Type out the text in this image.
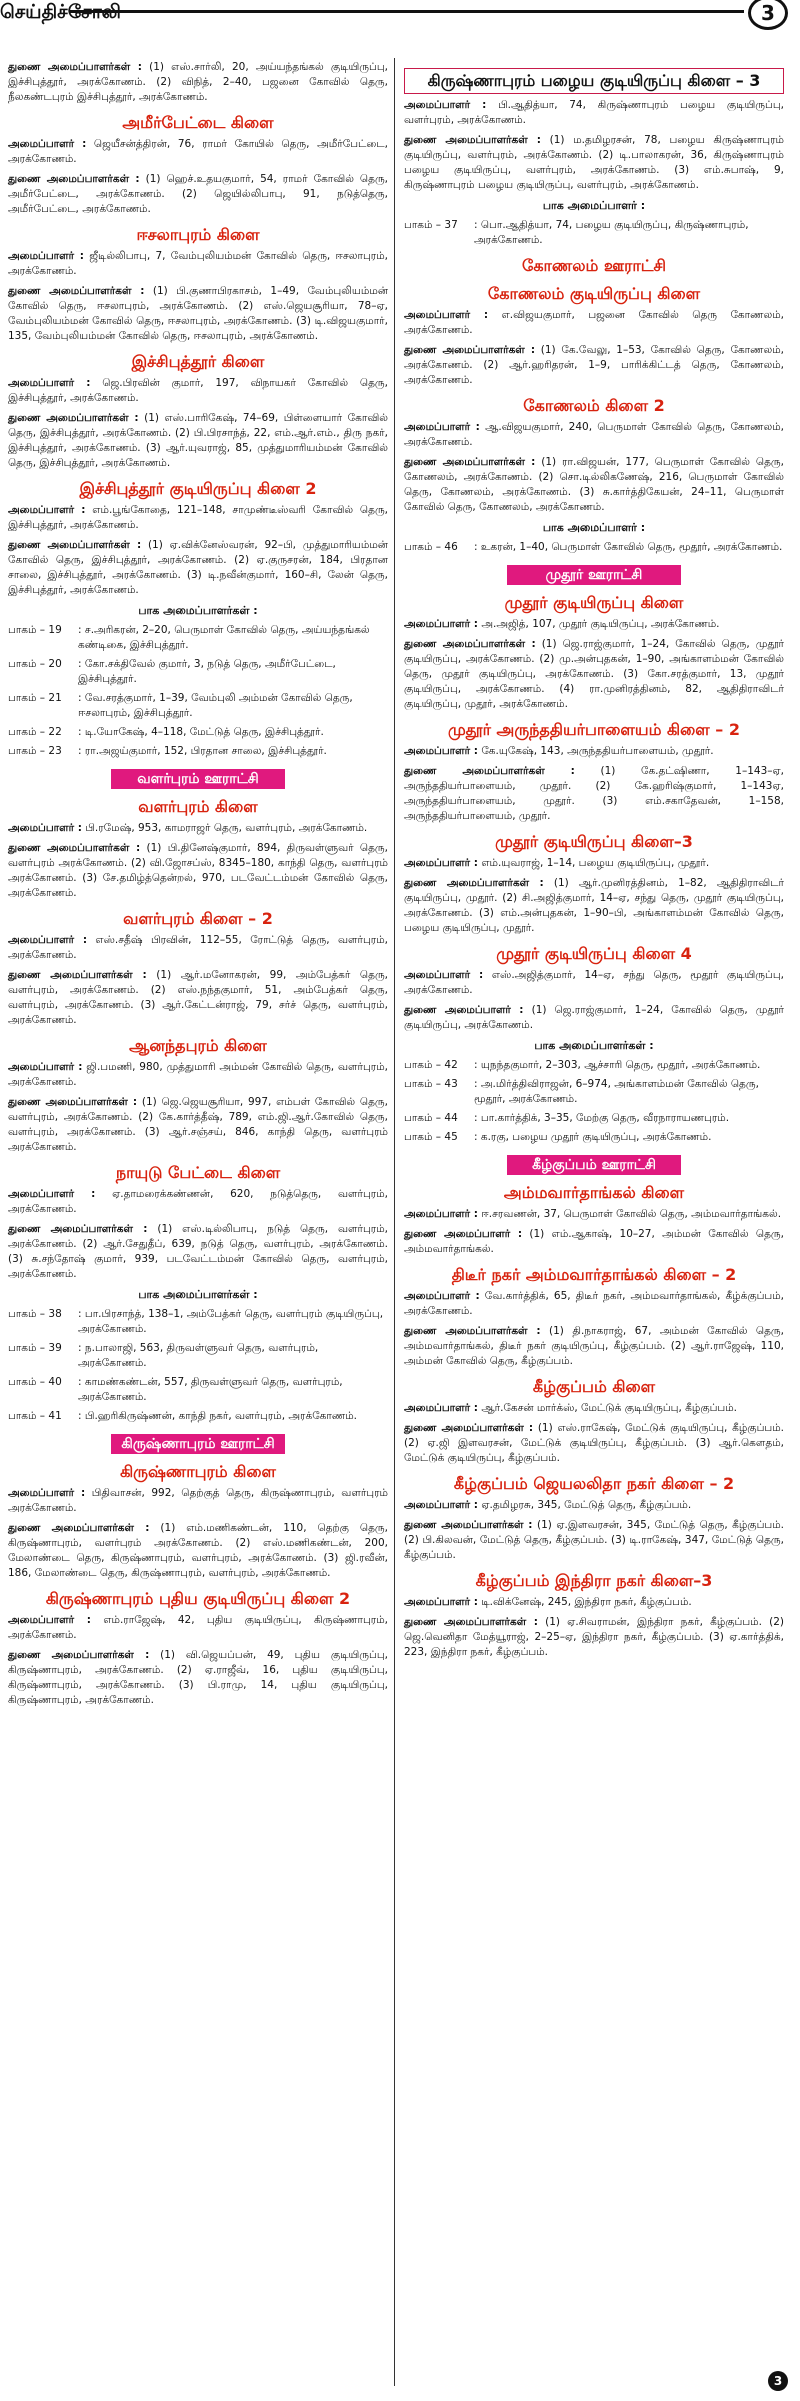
செய்திச்சோலி	3

துணை அமைப்பாளர்கள் : (1) எஸ்.சார்லி, 20, அய்யந்தங்கல் குடியிருப்பு, இச்சிபுத்தூர், அரக்கோணம். (2) விநித், 2–40, பஜனை கோவில் தெரு, நீலகண்டபுரம் இச்சிபுத்தூர், அரக்கோணம்.

அமீர்பேட்டை கிளை

அமைப்பாளர் : ஜெயீசன்த்திரன், 76, ராமர் கோயில் தெரு, அமீர்பேட்டை, அரக்கோணம்.

துணை அமைப்பாளர்கள் : (1) ஹெச்.உதயகுமார், 54, ராமர் கோவில் தெரு, அமீர்பேட்டை, அரக்கோணம். (2) ஜெயில்லிபாபு, 91, நடுத்தெரு, அமீர்பேட்டை, அரக்கோணம்.

ஈசலாபுரம் கிளை

அமைப்பாளர் : ஜீடில்லிபாபு, 7, வேம்புலியம்மன் கோவில் தெரு, ஈசலாபுரம், அரக்கோணம்.

துணை அமைப்பாளர்கள் : (1) பி.குணாபிரகாசம், 1–49, வேம்புலியம்மன் கோவில் தெரு, ஈசலாபுரம், அரக்கோணம். (2) எஸ்.ஜெயசூரியா, 78–ஏ, வேம்புலியம்மன் கோவில் தெரு, ஈசலாபுரம், அரக்கோணம். (3) டி.விஜயகுமார், 135, வேம்புலியம்மன் கோவில் தெரு, ஈசலாபுரம், அரக்கோணம்.

இச்சிபுத்தூர் கிளை

அமைப்பாளர் : ஜெ.பிரவின் குமார், 197, விநாயகர் கோவில் தெரு, இச்சிபுத்தூர், அரக்கோணம்.

துணை அமைப்பாளர்கள் : (1) எஸ்.பாரிகேஷ், 74–69, பிள்ளையார் கோவில் தெரு, இச்சிபுத்தூர், அரக்கோணம். (2) பி.பிரசாந்த், 22, எம்.ஆர்.எம்., திரு நகர், இச்சிபுத்தூர், அரக்கோணம். (3) ஆர்.யுவராஜ், 85, முத்துமாரியம்மன் கோவில் தெரு, இச்சிபுத்தூர், அரக்கோணம்.

இச்சிபுத்தூர் குடியிருப்பு கிளை 2

அமைப்பாளர் : எம்.பூங்கோதை, 121–148, சாமுண்டீஸ்வரி கோவில் தெரு, இச்சிபுத்தூர், அரக்கோணம்.

துணை அமைப்பாளர்கள் : (1) ஏ.விக்னேஸ்வரன், 92–பி, முத்துமாரியம்மன் கோவில் தெரு, இச்சிபுத்தூர், அரக்கோணம். (2) ஏ.குருசரன், 184, பிரதான சாலை, இச்சிபுத்தூர், அரக்கோணம். (3) டி.நவீன்குமார், 160–சி, லேன் தெரு, இச்சிபுத்தூர், அரக்கோணம்.

பாக அமைப்பாளர்கள் :
பாகம் – 19	: ச.அரிகரன், 2–20, பெருமாள் கோவில் தெரு, அய்யந்தங்கல் கண்டிகை, இச்சிபுத்தூர்.
பாகம் – 20	: கோ.சக்திவேல் குமார், 3, நடுத் தெரு, அமீர்பேட்டை, இச்சிபுத்தூர்.
பாகம் – 21	: வே.சரத்குமார், 1–39, வேம்புலி அம்மன் கோவில் தெரு, ஈசலாபுரம், இச்சிபுத்தூர்.
பாகம் – 22	: டி.யோகேஷ், 4–118, மேட்டுத் தெரு, இச்சிபுத்தூர்.
பாகம் – 23	: ரா.அஜய்குமார், 152, பிரதான சாலை, இச்சிபுத்தூர்.
வளர்புரம் ஊராட்சி
வளர்புரம் கிளை

அமைப்பாளர் : பி.ரமேஷ், 953, காமராஜர் தெரு, வளர்புரம், அரக்கோணம்.

துணை அமைப்பாளர்கள் : (1) பி.தினேஷ்குமார், 894, திருவள்ளுவர் தெரு, வளர்புரம் அரக்கோணம். (2) வி.ஜோசப்ஸ், 8345–180, காந்தி தெரு, வளர்புரம் அரக்கோணம். (3) சே.தமிழ்த்தென்றல், 970, படவேட்டம்மன் கோவில் தெரு, அரக்கோணம்.

வளர்புரம் கிளை – 2

அமைப்பாளர் : எஸ்.சதீஷ் பிரவின், 112–55, ரோட்டுத் தெரு, வளர்புரம், அரக்கோணம்.

துணை அமைப்பாளர்கள் : (1) ஆர்.மனோகரன், 99, அம்பேத்கர் தெரு, வளர்புரம், அரக்கோணம். (2) எஸ்.நந்தகுமார், 51, அம்பேத்கர் தெரு, வளர்புரம், அரக்கோணம். (3) ஆர்.கேட்டன்ராஜ், 79, சர்ச் தெரு, வளர்புரம், அரக்கோணம்.

ஆனந்தபுரம் கிளை

அமைப்பாளர் : ஜி.பமணி, 980, முத்துமாரி அம்மன் கோவில் தெரு, வளர்புரம், அரக்கோணம்.

துணை அமைப்பாளர்கள் : (1) ஜெ.ஜெயசூரியா, 997, எம்பள் கோவில் தெரு, வளர்புரம், அரக்கோணம். (2) கே.கார்த்தீஷ், 789, எம்.ஜி.ஆர்.கோவில் தெரு, வளர்புரம், அரக்கோணம். (3) ஆர்.சஞ்சய், 846, காந்தி தெரு, வளர்புரம் அரக்கோணம்.

நாயுடு பேட்டை கிளை

அமைப்பாளர் : ஏ.தாமரைக்கண்ணன், 620, நடுத்தெரு, வளர்புரம், அரக்கோணம்.

துணை அமைப்பாளர்கள் : (1) எஸ்.டில்லிபாபு, நடுத் தெரு, வளர்புரம், அரக்கோணம். (2) ஆர்.சேதுதீப், 639, நடுத் தெரு, வளர்புரம், அரக்கோணம். (3) சு.சந்தோஷ் குமார், 939, படவேட்டம்மன் கோவில் தெரு, வளர்புரம், அரக்கோணம்.

பாக அமைப்பாளர்கள் :
பாகம் – 38	: பா.பிரசாந்த், 138–1, அம்பேத்கர் தெரு, வளர்புரம் குடியிருப்பு, அரக்கோணம்.
பாகம் – 39	: ந.பாலாஜி, 563, திருவள்ளுவர் தெரு, வளர்புரம், அரக்கோணம்.
பாகம் – 40	: காமண்கண்டன், 557, திருவள்ளுவர் தெரு, வளர்புரம், அரக்கோணம்.
பாகம் – 41	: பி.ஹரிகிருஷ்ணன், காந்தி நகர், வளர்புரம், அரக்கோணம்.
கிருஷ்ணாபுரம் ஊராட்சி
கிருஷ்ணாபுரம் கிளை

அமைப்பாளர் : பிதிவாசன், 992, தெற்குத் தெரு, கிருஷ்ணாபுரம், வளர்புரம் அரக்கோணம்.

துணை அமைப்பாளர்கள் : (1) எம்.மணிகண்டன், 110, தெற்கு தெரு, கிருஷ்ணாபுரம், வளர்புரம் அரக்கோணம். (2) எஸ்.மணிகண்டன், 200, மேலாண்டை தெரு, கிருஷ்ணாபுரம், வளர்புரம், அரக்கோணம். (3) ஜி.ரவீன், 186, மேலாண்டை தெரு, கிருஷ்ணாபுரம், வளர்புரம், அரக்கோணம்.

கிருஷ்ணாபுரம் புதிய குடியிருப்பு கிளை 2

அமைப்பாளர் : எம்.ராஜேஷ், 42, புதிய குடியிருப்பு, கிருஷ்ணாபுரம், அரக்கோணம்.

துணை அமைப்பாளர்கள் : (1) வி.ஜெயப்பன், 49, புதிய குடியிருப்பு, கிருஷ்ணாபுரம், அரக்கோணம். (2) ஏ.ராஜீவ், 16, புதிய குடியிருப்பு, கிருஷ்ணாபுரம், அரக்கோணம். (3) பி.ராமு, 14, புதிய குடியிருப்பு, கிருஷ்ணாபுரம், அரக்கோணம்.

கிருஷ்ணாபுரம் பழைய குடியிருப்பு கிளை – 3

அமைப்பாளர் : பி.ஆதித்யா, 74, கிருஷ்ணாபுரம் பழைய குடியிருப்பு, வளர்புரம், அரக்கோணம்.

துணை அமைப்பாளர்கள் : (1) ம.தமிழரசன், 78, பழைய கிருஷ்ணாபுரம் குடியிருப்பு, வளர்புரம், அரக்கோணம். (2) டி.பாலாகரன், 36, கிருஷ்ணாபுரம் பழைய குடியிருப்பு, வளர்புரம், அரக்கோணம். (3) எம்.சுபாஷ், 9, கிருஷ்ணாபுரம் பழைய குடியிருப்பு, வளர்புரம், அரக்கோணம்.

பாக அமைப்பாளர் :
பாகம் – 37	: பொ.ஆதித்யா, 74, பழைய குடியிருப்பு, கிருஷ்ணாபுரம், அரக்கோணம்.
கோணலம் ஊராட்சி
கோணலம் குடியிருப்பு கிளை

அமைப்பாளர் : எ.விஜயகுமார், பஜனை கோவில் தெரு கோணலம், அரக்கோணம்.

துணை அமைப்பாளர்கள் : (1) கே.வேலு, 1–53, கோவில் தெரு, கோணலம், அரக்கோணம். (2) ஆர்.ஹரிதரன், 1–9, பாரிக்கிட்டத் தெரு, கோணலம், அரக்கோணம்.

கோணலம் கிளை 2

அமைப்பாளர் : ஆ.விஜயகுமார், 240, பெருமாள் கோவில் தெரு, கோணலம், அரக்கோணம்.

துணை அமைப்பாளர்கள் : (1) ரா.விஜயன், 177, பெருமாள் கோவில் தெரு, கோணலம், அரக்கோணம். (2) சொ.டில்லிகணேஷ், 216, பெருமாள் கோவில் தெரு, கோணலம், அரக்கோணம். (3) சு.கார்த்திகேயன், 24–11, பெருமாள் கோவில் தெரு, கோணலம், அரக்கோணம்.

பாக அமைப்பாளர் :
பாகம் – 46	: உகரன், 1–40, பெருமாள் கோவில் தெரு, மூதூர், அரக்கோணம்.
முதூர் ஊராட்சி
முதூர் குடியிருப்பு கிளை

அமைப்பாளர் : அ.அஜித், 107, முதூர் குடியிருப்பு, அரக்கோணம்.

துணை அமைப்பாளர்கள் : (1) ஜெ.ராஜ்குமார், 1–24, கோவில் தெரு, முதூர் குடியிருப்பு, அரக்கோணம். (2) மு.அன்புதகன், 1–90, அங்காளம்மன் கோவில் தெரு, முதூர் குடியிருப்பு, அரக்கோணம். (3) கோ.சரத்குமார், 13, முதூர் குடியிருப்பு, அரக்கோணம். (4) ரா.முனிரத்தினம், 82, ஆதிதிராவிடர் குடியிருப்பு, முதூர், அரக்கோணம்.

முதூர் அருந்ததியர்பாளையம் கிளை – 2

அமைப்பாளர் : கே.யுகேஷ், 143, அருந்ததியர்பாளையம், முதூர்.

துணை அமைப்பாளர்கள் : (1) கே.தட்ஷிணா, 1–143–ஏ, அருந்ததியர்பாளையம், முதூர். (2) கே.ஹரிஷ்குமார், 1–143ஏ, அருந்ததியர்பாளையம், முதூர். (3) எம்.சகாதேவன், 1–158, அருந்ததியர்பாளையம், முதூர்.

முதூர் குடியிருப்பு கிளை–3

அமைப்பாளர் : எம்.யுவராஜ், 1–14, பழைய குடியிருப்பு, முதூர்.

துணை அமைப்பாளர்கள் : (1) ஆர்.முனிரத்தினம், 1–82, ஆதிதிராவிடர் குடியிருப்பு, முதூர். (2) சி.அஜித்குமார், 14–ஏ, சந்து தெரு, முதூர் குடியிருப்பு, அரக்கோணம். (3) எம்.அன்புதகன், 1–90–பி, அங்காளம்மன் கோவில் தெரு, பழைய குடியிருப்பு, முதூர்.

முதூர் குடியிருப்பு கிளை 4

அமைப்பாளர் : எஸ்.அஜித்குமார், 14–ஏ, சந்து தெரு, மூதூர் குடியிருப்பு, அரக்கோணம்.

துணை அமைப்பாளர் : (1) ஜெ.ராஜ்குமார், 1–24, கோவில் தெரு, முதூர் குடியிருப்பு, அரக்கோணம்.

பாக அமைப்பாளர்கள் :
பாகம் – 42	: யுநந்தகுமார், 2–303, ஆச்சாரி தெரு, மூதூர், அரக்கோணம்.
பாகம் – 43	: அ.மிர்த்திவிராஜன், 6–974, அங்காளம்மன் கோவில் தெரு, மூதூர், அரக்கோணம்.
பாகம் – 44	: பா.கார்த்திக், 3–35, மேற்கு தெரு, வீரநாராயணபுரம்.
பாகம் – 45	: க.ரகு, பழைய முதூர் குடியிருப்பு, அரக்கோணம்.
கீழ்குப்பம் ஊராட்சி
அம்மவார்தாங்கல் கிளை

அமைப்பாளர் : ஈ.சரவணன், 37, பெருமாள் கோவில் தெரு, அம்மவார்தாங்கல்.

துணை அமைப்பாளர் : (1) எம்.ஆகாஷ், 10–27, அம்மன் கோவில் தெரு, அம்மவார்தாங்கல்.

திடீர் நகர் அம்மவார்தாங்கல் கிளை – 2

அமைப்பாளர் : வே.கார்த்திக், 65, திடீர் நகர், அம்மவார்தாங்கல், கீழ்க்குப்பம், அரக்கோணம்.

துணை அமைப்பாளர்கள் : (1) தி.நாகராஜ், 67, அம்மன் கோவில் தெரு, அம்மவார்தாங்கல், திடீர் நகர் குடியிருப்பு, கீழ்குப்பம். (2) ஆர்.ராஜேஷ், 110, அம்மன் கோவில் தெரு, கீழ்குப்பம்.

கீழ்குப்பம் கிளை

அமைப்பாளர் : ஆர்.கேசன் மார்க்ஸ், மேட்டுக் குடியிருப்பு, கீழ்குப்பம்.

துணை அமைப்பாளர்கள் : (1) எஸ்.ராகேஷ், மேட்டுக் குடியிருப்பு, கீழ்குப்பம். (2) ஏ.ஜி இளவரசன், மேட்டுக் குடியிருப்பு, கீழ்குப்பம். (3) ஆர்.கௌதம், மேட்டுக் குடியிருப்பு, கீழ்குப்பம்.

கீழ்குப்பம் ஜெயலலிதா நகர் கிளை – 2

அமைப்பாளர் : ஏ.தமிழரசு, 345, மேட்டுத் தெரு, கீழ்குப்பம்.

துணை அமைப்பாளர்கள் : (1) ஏ.இளவரசன், 345, மேட்டுத் தெரு, கீழ்குப்பம். (2) பி.கிலவன், மேட்டுத் தெரு, கீழ்குப்பம். (3) டி.ராகேஷ், 347, மேட்டுத் தெரு, கீழ்குப்பம்.

கீழ்குப்பம் இந்திரா நகர் கிளை–3

அமைப்பாளர் : டி.விக்னேஷ், 245, இந்திரா நகர், கீழ்குப்பம்.

துணை அமைப்பாளர்கள் : (1) ஏ.சிவராமன், இந்திரா நகர், கீழ்குப்பம். (2) ஜெ.வெனிதா மேத்யூராஜ், 2–25–ஏ, இந்திரா நகர், கீழ்குப்பம். (3) ஏ.கார்த்திக், 223, இந்திரா நகர், கீழ்குப்பம்.

3
